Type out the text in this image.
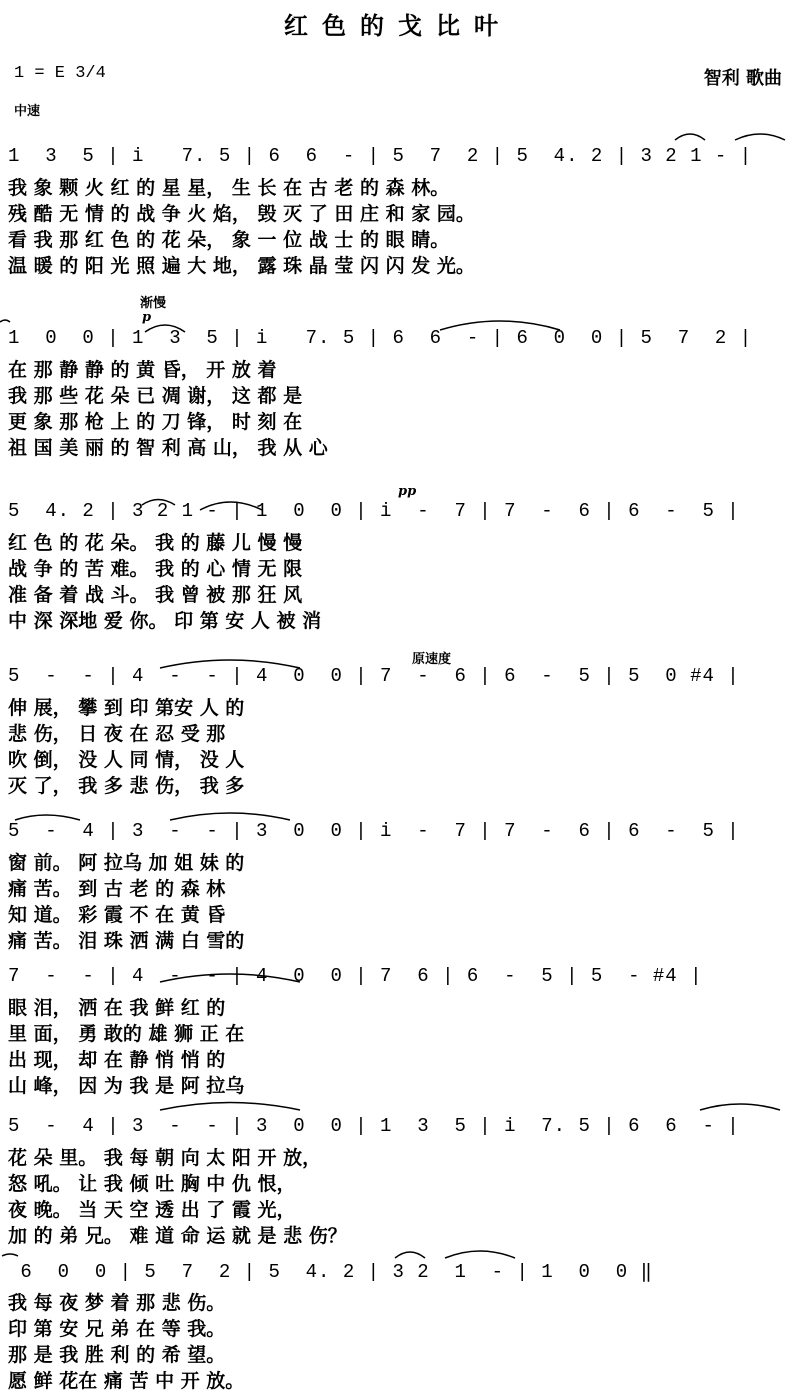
红色的戈比叶
1 = E 3/4	智利 歌曲
中速
渐慢
p
pp
原速度
1  3  5 | i   7. 5 | 6  6  - | 5  7  2 | 5  4. 2 | 3 2 1 - |
我 象 颗 火 红 的 星 星， 生 长 在 古 老 的 森 林。
残 酷 无 情 的 战 争 火 焰， 毁 灭 了 田 庄 和 家 园。
看 我 那 红 色 的 花 朵， 象 一 位 战 士 的 眼 睛。
温 暖 的 阳 光 照 遍 大 地， 露 珠 晶 莹 闪 闪 发 光。
1  0  0 | 1  3  5 | i   7. 5 | 6  6  - | 6  0  0 | 5  7  2 |
在 那 静 静 的 黄 昏， 开 放 着
我 那 些 花 朵 已 凋 谢， 这 都 是
更 象 那 枪 上 的 刀 锋， 时 刻 在
祖 国 美 丽 的 智 利 高 山， 我 从 心
5  4. 2 | 3 2 1 - | 1  0  0 | i  -  7 | 7  -  6 | 6  -  5 |
红 色 的 花 朵。 我 的 藤 儿 慢 慢
战 争 的 苦 难。 我 的 心 情 无 限
准 备 着 战 斗。 我 曾 被 那 狂 风
中 深 深地 爱 你。 印 第 安 人 被 消
5  -  - | 4  -  - | 4  0  0 | 7  -  6 | 6  -  5 | 5  0 #4 |
伸 展， 攀 到 印 第安 人 的
悲 伤， 日 夜 在 忍 受 那
吹 倒， 没 人 同 情， 没 人
灭 了， 我 多 悲 伤， 我 多
5  -  4 | 3  -  - | 3  0  0 | i  -  7 | 7  -  6 | 6  -  5 |
窗 前。 阿 拉乌 加 姐 妹 的
痛 苦。 到 古 老 的 森 林
知 道。 彩 霞 不 在 黄 昏
痛 苦。 泪 珠 洒 满 白 雪的
7  -  - | 4  -  - | 4  0  0 | 7  6 | 6  -  5 | 5  - #4 |
眼 泪， 洒 在 我 鲜 红 的
里 面， 勇 敢的 雄 狮 正 在
出 现， 却 在 静 悄 悄 的
山 峰， 因 为 我 是 阿 拉乌
5  -  4 | 3  -  - | 3  0  0 | 1  3  5 | i  7. 5 | 6  6  - |
花 朵 里。 我 每 朝 向 太 阳 开 放，
怒 吼。 让 我 倾 吐 胸 中 仇 恨，
夜 晚。 当 天 空 透 出 了 霞 光，
加 的 弟 兄。 难 道 命 运 就 是 悲 伤？
6  0  0 | 5  7  2 | 5  4. 2 | 3 2  1  - | 1  0  0 ‖
我 每 夜 梦 着 那 悲 伤。
印 第 安 兄 弟 在 等 我。
那 是 我 胜 利 的 希 望。
愿 鲜 花在 痛 苦 中 开 放。
